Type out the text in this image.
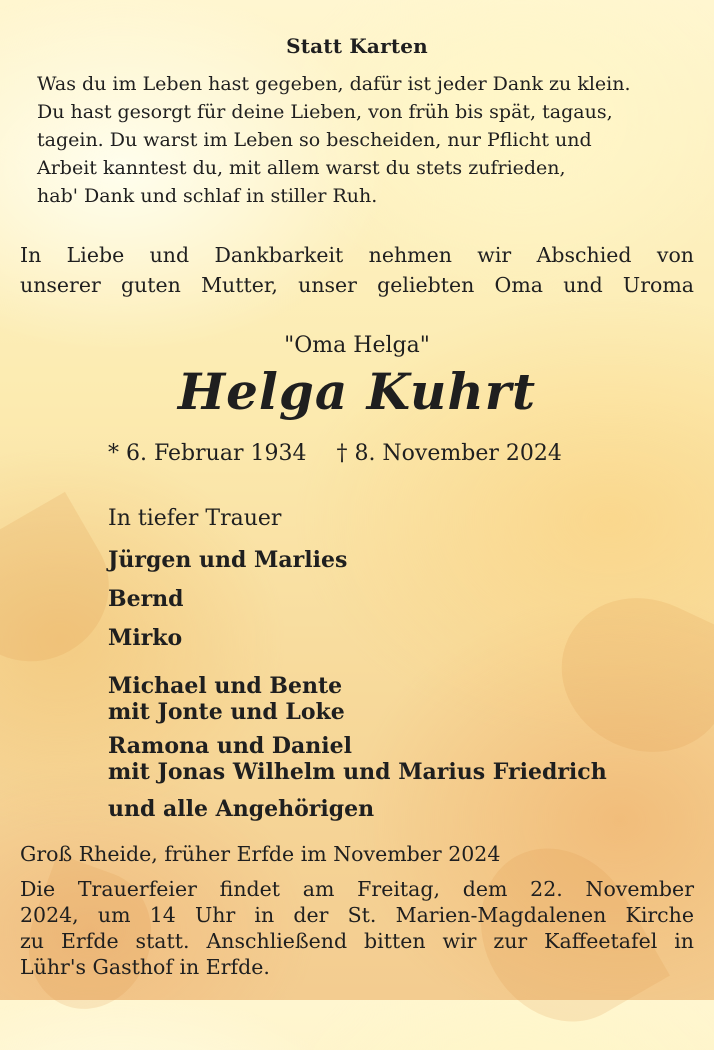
Statt Karten

Was du im Leben hast gegeben, dafür ist jeder Dank zu klein.
Du hast gesorgt für deine Lieben, von früh bis spät, tagaus,
tagein. Du warst im Leben so bescheiden, nur Pflicht und
Arbeit kanntest du, mit allem warst du stets zufrieden,
hab' Dank und schlaf in stiller Ruh.
In Liebe und Dankbarkeit nehmen wir Abschied von
unserer guten Mutter, unser geliebten Oma und Uroma

"Oma Helga"

Helga Kuhrt

* 6. Februar 1934 † 8. November 2024

In tiefer Trauer

Jürgen und Marlies

Bernd

Mirko

Michael und Bente
mit Jonte und Loke
Ramona und Daniel
mit Jonas Wilhelm und Marius Friedrich

und alle Angehörigen

Groß Rheide, früher Erfde im November 2024

Die Trauerfeier findet am Freitag, dem 22. November
2024, um 14 Uhr in der St. Marien-Magdalenen Kirche
zu Erfde statt. Anschließend bitten wir zur Kaffeetafel in
Lühr's Gasthof in Erfde.
